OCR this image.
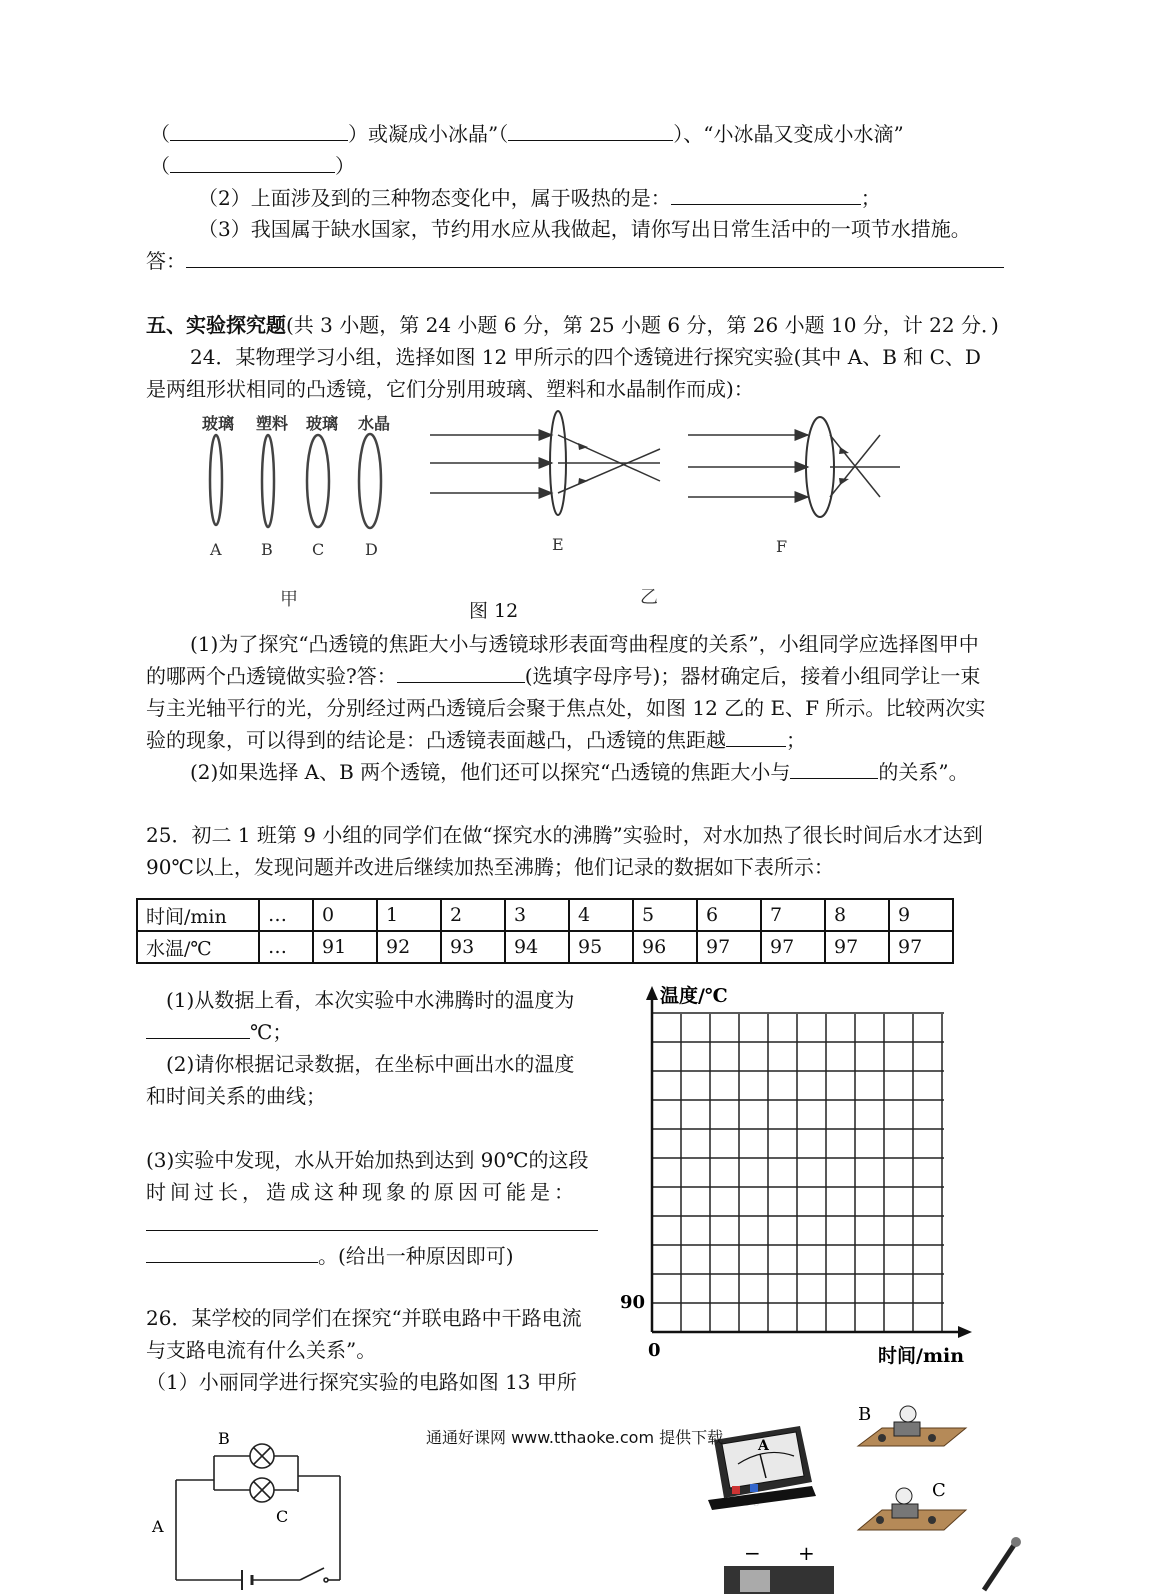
（	）或凝成小冰晶”（	）、“小冰晶又变成小水滴”
（	）
（2）上面涉及到的三种物态变化中，属于吸热的是：	；
（3）我国属于缺水国家，节约用水应从我做起，请你写出日常生活中的一项节水措施。
答：
五、实验探究题(共 3 小题，第 24 小题 6 分，第 25 小题 6 分，第 26 小题 10 分，计 22 分．)
24．某物理学习小组，选择如图 12 甲所示的四个透镜进行探究实验(其中 A、B 和 C、D
是两组形状相同的凸透镜，它们分别用玻璃、塑料和水晶制作而成)：
玻璃 塑料 玻璃 水晶
A B C	D
甲
E	F
乙
图 12
(1)为了探究“凸透镜的焦距大小与透镜球形表面弯曲程度的关系”，小组同学应选择图甲中
的哪两个凸透镜做实验?答：	(选填字母序号)；器材确定后，接着小组同学让一束
与主光轴平行的光，分别经过两凸透镜后会聚于焦点处，如图 12 乙的 E、F 所示。比较两次实
验的现象，可以得到的结论是：凸透镜表面越凸，凸透镜的焦距越	；
(2)如果选择 A、B 两个透镜，他们还可以探究“凸透镜的焦距大小与	的关系”。
25．初二 1 班第 9 小组的同学们在做“探究水的沸腾”实验时，对水加热了很长时间后水才达到
90℃以上，发现问题并改进后继续加热至沸腾；他们记录的数据如下表所示：
时间/min	…	0	1	2	3	4	5	6	7	8	9
水温/℃	…	91	92	93	94	95	96	97	97	97	97
(1)从数据上看，本次实验中水沸腾时的温度为
℃；
(2)请你根据记录数据，在坐标中画出水的温度
和时间关系的曲线；
(3)实验中发现，水从开始加热到达到 90℃的这段
时间过长，造成这种现象的原因可能是：
。(给出一种原因即可)
温度/℃
时间/min
90
0
26．某学校的同学们在探究“并联电路中干路电流
与支路电流有什么关系”。
（1）小丽同学进行探究实验的电路如图 13 甲所
B
C
A
A
B
C
− +
通通好课网 www.tthaoke.com 提供下载
